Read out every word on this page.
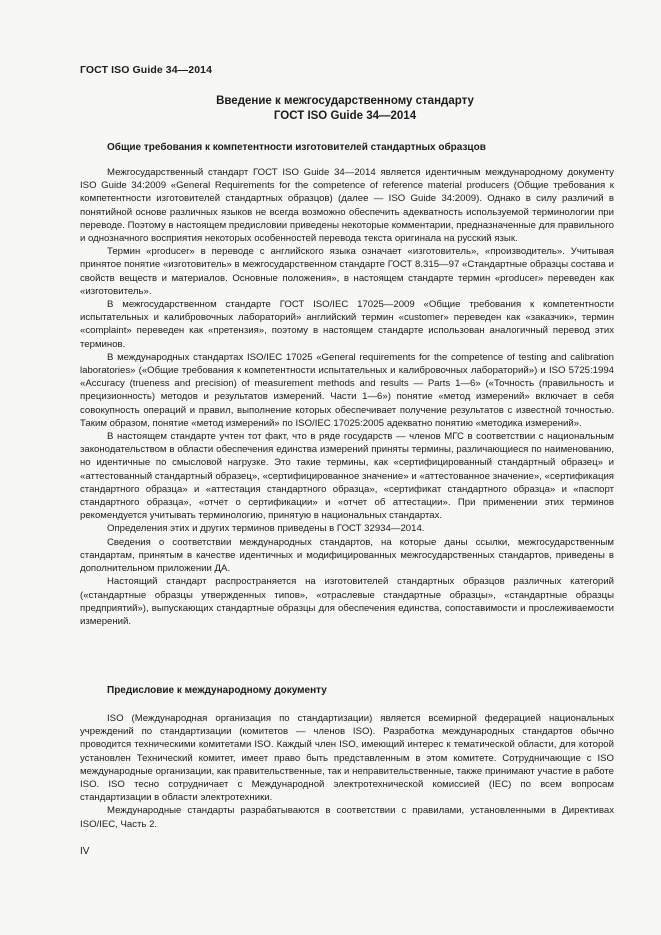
ГОСТ ISO Guide 34—2014
Введение к межгосударственному стандарту
ГОСТ ISO Guide 34—2014
Общие требования к компетентности изготовителей стандартных образцов

Межгосударственный стандарт ГОСТ ISO Guide 34—2014 является идентичным международному документу ISO Guide 34:2009 «General Requirements for the competence of reference material producers (Общие требования к компетентности изготовителей стандартных образцов) (далее — ISO Guide 34:2009). Однако в силу различий в понятийной основе различных языков не всегда возможно обеспечить адекватность используемой терминологии при переводе. Поэтому в настоящем предисловии приведены некоторые комментарии, предназначенные для правильного и однозначного восприятия некоторых особенностей перевода текста оригинала на русский язык.

Термин «producer» в переводе с английского языка означает «изготовитель», «производитель». Учитывая принятое понятие «изготовитель» в межгосударственном стандарте ГОСТ 8.315—97 «Стандартные образцы состава и свойств веществ и материалов. Основные положения», в настоящем стандарте термин «producer» переведен как «изготовитель».

В межгосударственном стандарте ГОСТ ISO/IEC 17025—2009 «Общие требования к компетентности испытательных и калибровочных лабораторий» английский термин «customer» переведен как «заказчик», термин «complaint» переведен как «претензия», поэтому в настоящем стандарте использован аналогичный перевод этих терминов.

В международных стандартах ISO/IEC 17025 «General requirements for the competence of testing and calibration laboratories» («Общие требования к компетентности испытательных и калибровочных лабораторий») и ISO 5725:1994 «Accuracy (trueness and precision) of measurement methods and results — Parts 1—6» («Точность (правильность и прецизионность) методов и результатов измерений. Части 1—6») понятие «метод измерений» включает в себя совокупность операций и правил, выполнение которых обеспечивает получение результатов с известной точностью. Таким образом, понятие «метод измерений» по ISO/IEC 17025:2005 адекватно понятию «методика измерений».

В настоящем стандарте учтен тот факт, что в ряде государств — членов МГС в соответствии с национальным законодательством в области обеспечения единства измерений приняты термины, различающиеся по наименованию, но идентичные по смысловой нагрузке. Это такие термины, как «сертифицированный стандартный образец» и «аттестованный стандартный образец», «сертифицированное значение» и «аттестованное значение», «сертификация стандартного образца» и «аттестация стандартного образца», «сертификат стандартного образца» и «паспорт стандартного образца», «отчет о сертификации» и «отчет об аттестации». При применении этих терминов рекомендуется учитывать терминологию, принятую в национальных стандартах.

Определения этих и других терминов приведены в ГОСТ 32934—2014.

Сведения о соответствии международных стандартов, на которые даны ссылки, межгосударственным стандартам, принятым в качестве идентичных и модифицированных межгосударственных стандартов, приведены в дополнительном приложении ДА.

Настоящий стандарт распространяется на изготовителей стандартных образцов различных категорий («стандартные образцы утвержденных типов», «отраслевые стандартные образцы», «стандартные образцы предприятий»), выпускающих стандартные образцы для обеспечения единства, сопоставимости и прослеживаемости измерений.

Предисловие к международному документу

ISO (Международная организация по стандартизации) является всемирной федерацией национальных учреждений по стандартизации (комитетов — членов ISO). Разработка международных стандартов обычно проводится техническими комитетами ISO. Каждый член ISO, имеющий интерес к тематической области, для которой установлен Технический комитет, имеет право быть представленным в этом комитете. Сотрудничающие с ISO международные организации, как правительственные, так и неправительственные, также принимают участие в работе ISO. ISO тесно сотрудничает с Международной электротехнической комиссией (IEC) по всем вопросам стандартизации в области электротехники.

Международные стандарты разрабатываются в соответствии с правилами, установленными в Директивах ISO/IEC, Часть 2.

IV
